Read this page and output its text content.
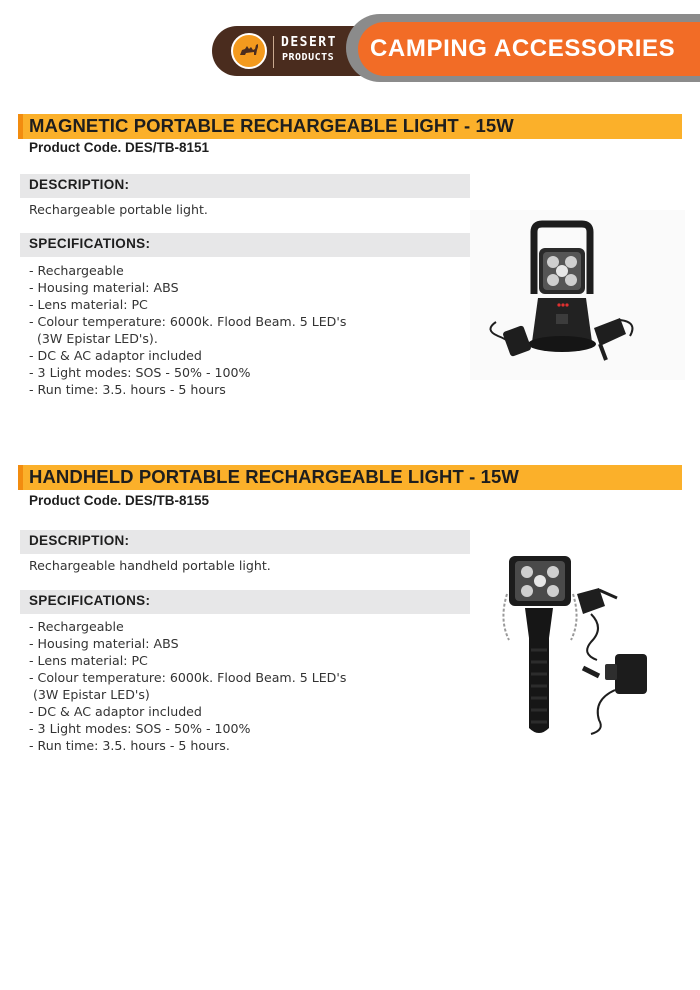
DESERT
PRODUCTS CAMPING ACCESSORIES
MAGNETIC PORTABLE RECHARGEABLE LIGHT - 15W
Product Code. DES/TB-8151
DESCRIPTION:
Rechargeable portable light.
SPECIFICATIONS:
- Rechargeable
- Housing material: ABS
- Lens material: PC
- Colour temperature: 6000k. Flood Beam. 5 LED's
(3W Epistar LED's).
- DC & AC adaptor included
- 3 Light modes: SOS - 50% - 100%
- Run time: 3.5. hours - 5 hours
HANDHELD PORTABLE RECHARGEABLE LIGHT - 15W
Product Code. DES/TB-8155
DESCRIPTION:
Rechargeable handheld portable light.
SPECIFICATIONS:
- Rechargeable
- Housing material: ABS
- Lens material: PC
- Colour temperature: 6000k. Flood Beam. 5 LED's
(3W Epistar LED's)
- DC & AC adaptor included
- 3 Light modes: SOS - 50% - 100%
- Run time: 3.5. hours - 5 hours.
